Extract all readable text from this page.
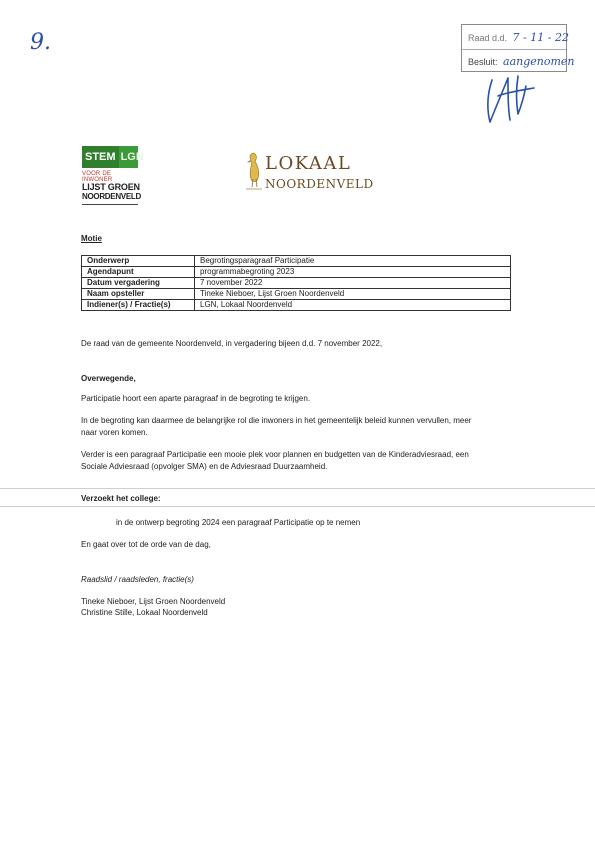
9.	Raad d.d. 7 - 11 - 22
Besluit: aangenomen
STEM LGN
VOOR DE INWONER
LIJST GROEN
NOORDENVELD
LOKAAL
NOORDENVELD
Motie
Onderwerp	Begrotingsparagraaf Participatie
Agendapunt	programmabegroting 2023
Datum vergadering	7 november 2022
Naam opsteller	Tineke Nieboer, Lijst Groen Noordenveld
Indiener(s) / Fractie(s)	LGN, Lokaal Noordenveld
De raad van de gemeente Noordenveld, in vergadering bijeen d.d. 7 november 2022,
Overwegende,
Participatie hoort een aparte paragraaf in de begroting te krijgen.
In de begroting kan daarmee de belangrijke rol die inwoners in het gemeentelijk beleid kunnen vervullen, meer
naar voren komen.
Verder is een paragraaf Participatie een mooie plek voor plannen en budgetten van de Kinderadviesraad, een
Sociale Adviesraad (opvolger SMA) en de Adviesraad Duurzaamheid.
Verzoekt het college:
in de ontwerp begroting 2024 een paragraaf Participatie op te nemen
En gaat over tot de orde van de dag,
Raadslid / raadsleden, fractie(s)
Tineke Nieboer, Lijst Groen Noordenveld
Christine Stille, Lokaal Noordenveld
